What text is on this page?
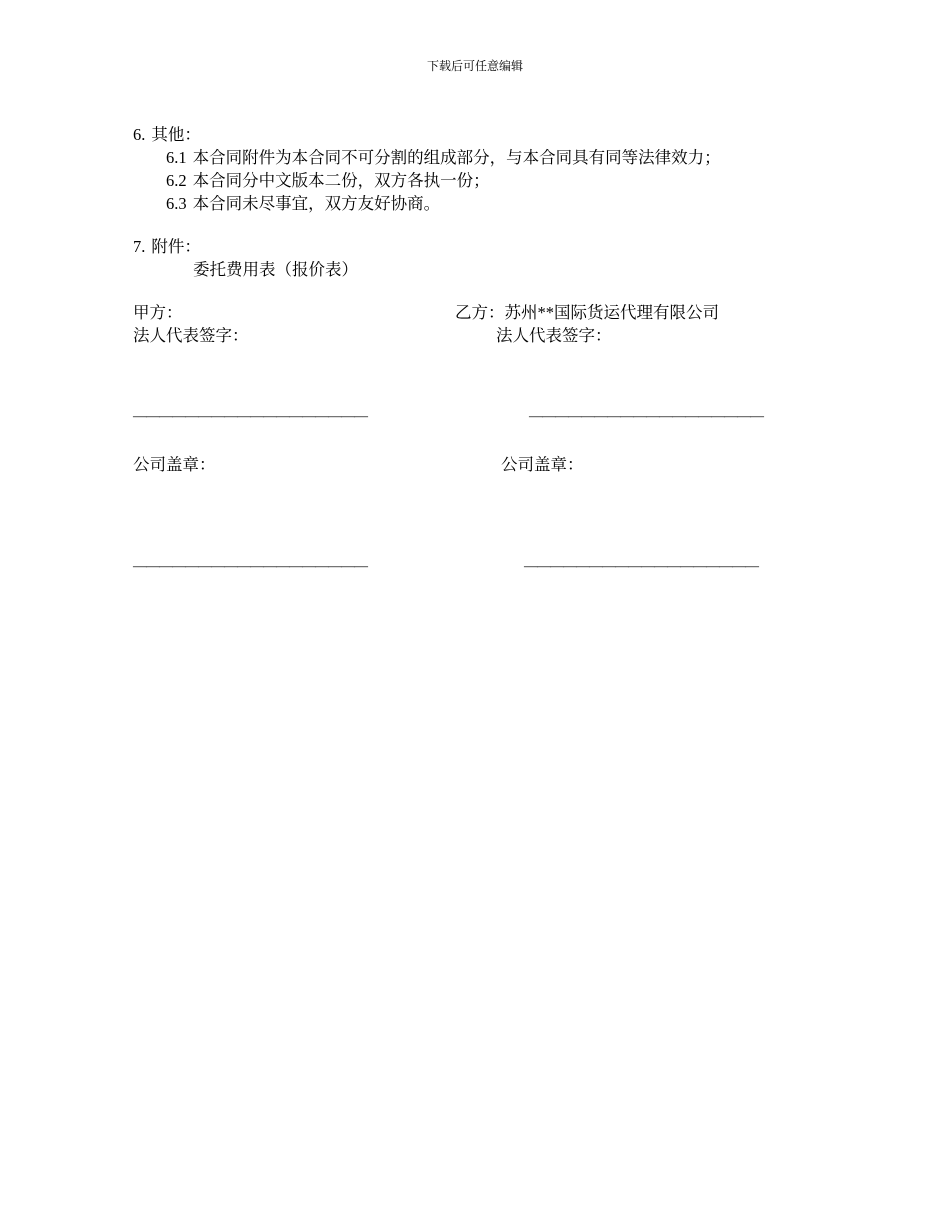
下载后可任意编辑
6. 其他：
6.1 本合同附件为本合同不可分割的组成部分，与本合同具有同等法律效力；
6.2 本合同分中文版本二份，双方各执一份；
6.3 本合同未尽事宜，双方友好协商。
7. 附件：
委托费用表（报价表）
甲方：	乙方：苏州**国际货运代理有限公司
法人代表签字：	法人代表签字：
——————————————————	——————————————————
公司盖章：	公司盖章：
——————————————————	——————————————————
